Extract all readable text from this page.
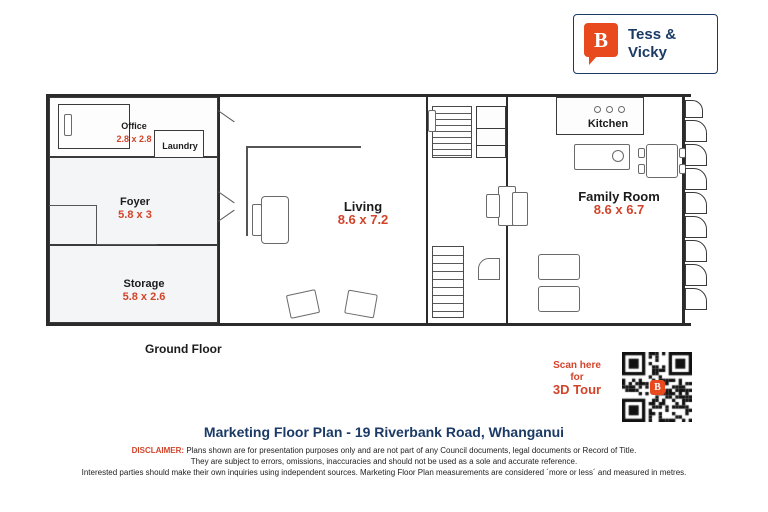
B	Tess &
Vicky
Office
2.8 x 2.8
Laundry
Foyer
5.8 x 3
Storage
5.8 x 2.6
Living
8.6 x 7.2
Kitchen
Family Room
8.6 x 6.7
Ground Floor
Scan here
for
3D Tour	B
Marketing Floor Plan - 19 Riverbank Road, Whanganui
DISCLAIMER: Plans shown are for presentation purposes only and are not part of any Council documents, legal documents or Record of Title.
They are subject to errors, omissions, inaccuracies and should not be used as a sole and accurate reference.
Interested parties should make their own inquiries using independent sources. Marketing Floor Plan measurements are considered ´more or less´ and measured in metres.
